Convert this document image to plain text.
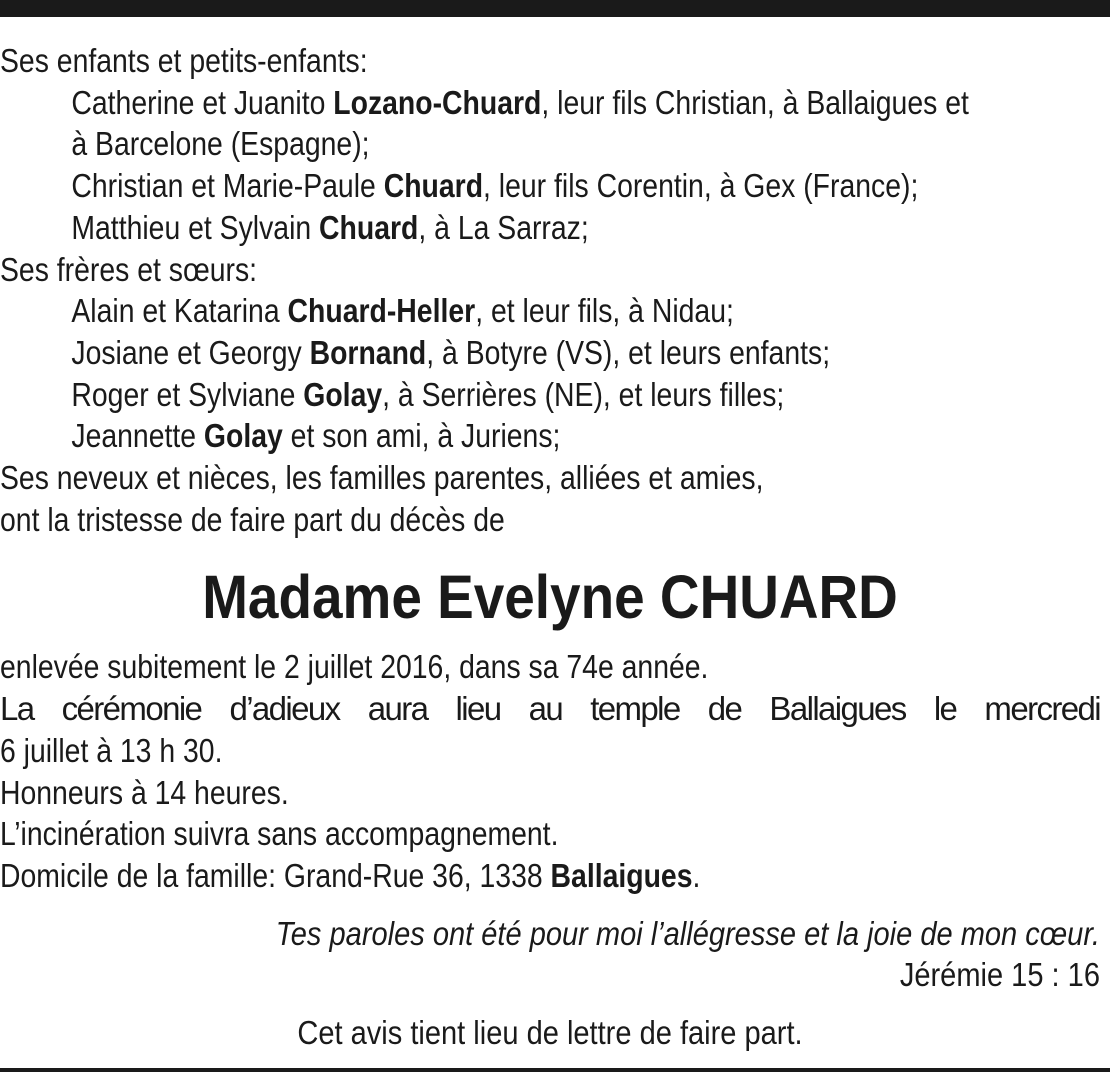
Ses enfants et petits-enfants:
Catherine et Juanito Lozano-Chuard, leur fils Christian, à Ballaigues et
à Barcelone (Espagne);
Christian et Marie-Paule Chuard, leur fils Corentin, à Gex (France);
Matthieu et Sylvain Chuard, à La Sarraz;
Ses frères et sœurs:
Alain et Katarina Chuard-Heller, et leur fils, à Nidau;
Josiane et Georgy Bornand, à Botyre (VS), et leurs enfants;
Roger et Sylviane Golay, à Serrières (NE), et leurs filles;
Jeannette Golay et son ami, à Juriens;
Ses neveux et nièces, les familles parentes, alliées et amies,
ont la tristesse de faire part du décès de
Madame Evelyne CHUARD
enlevée subitement le 2 juillet 2016, dans sa 74e année.
La cérémonie d’adieux aura lieu au temple de Ballaigues le mercredi
6 juillet à 13 h 30.
Honneurs à 14 heures.
L’incinération suivra sans accompagnement.
Domicile de la famille: Grand-Rue 36, 1338 Ballaigues.
Tes paroles ont été pour moi l’allégresse et la joie de mon cœur.
Jérémie 15 : 16
Cet avis tient lieu de lettre de faire part.
